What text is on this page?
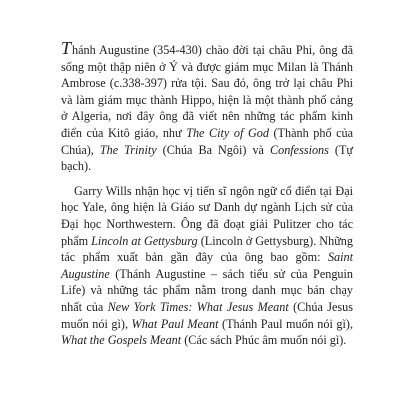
Thánh Augustine (354-430) chào đời tại châu Phi, ông đã sống một thập niên ở Ý và được giám mục Milan là Thánh Ambrose (c.338-397) rửa tội. Sau đó, ông trở lại châu Phi và làm giám mục thành Hippo, hiện là một thành phố cảng ở Algeria, nơi đây ông đã viết nên những tác phẩm kinh điển của Kitô giáo, như The City of God (Thành phố của Chúa), The Trinity (Chúa Ba Ngôi) và Confessions (Tự bạch).

Garry Wills nhận học vị tiến sĩ ngôn ngữ cổ điển tại Đại học Yale, ông hiện là Giáo sư Danh dự ngành Lịch sử của Đại học Northwestern. Ông đã đoạt giải Pulitzer cho tác phẩm Lincoln at Gettysburg (Lincoln ở Gettysburg). Những tác phẩm xuất bản gần đây của ông bao gồm: Saint Augustine (Thánh Augustine – sách tiểu sử của Penguin Life) và những tác phẩm nằm trong danh mục bán chạy nhất của New York Times: What Jesus Meant (Chúa Jesus muốn nói gì), What Paul Meant (Thánh Paul muốn nói gì), What the Gospels Meant (Các sách Phúc âm muốn nói gì).
